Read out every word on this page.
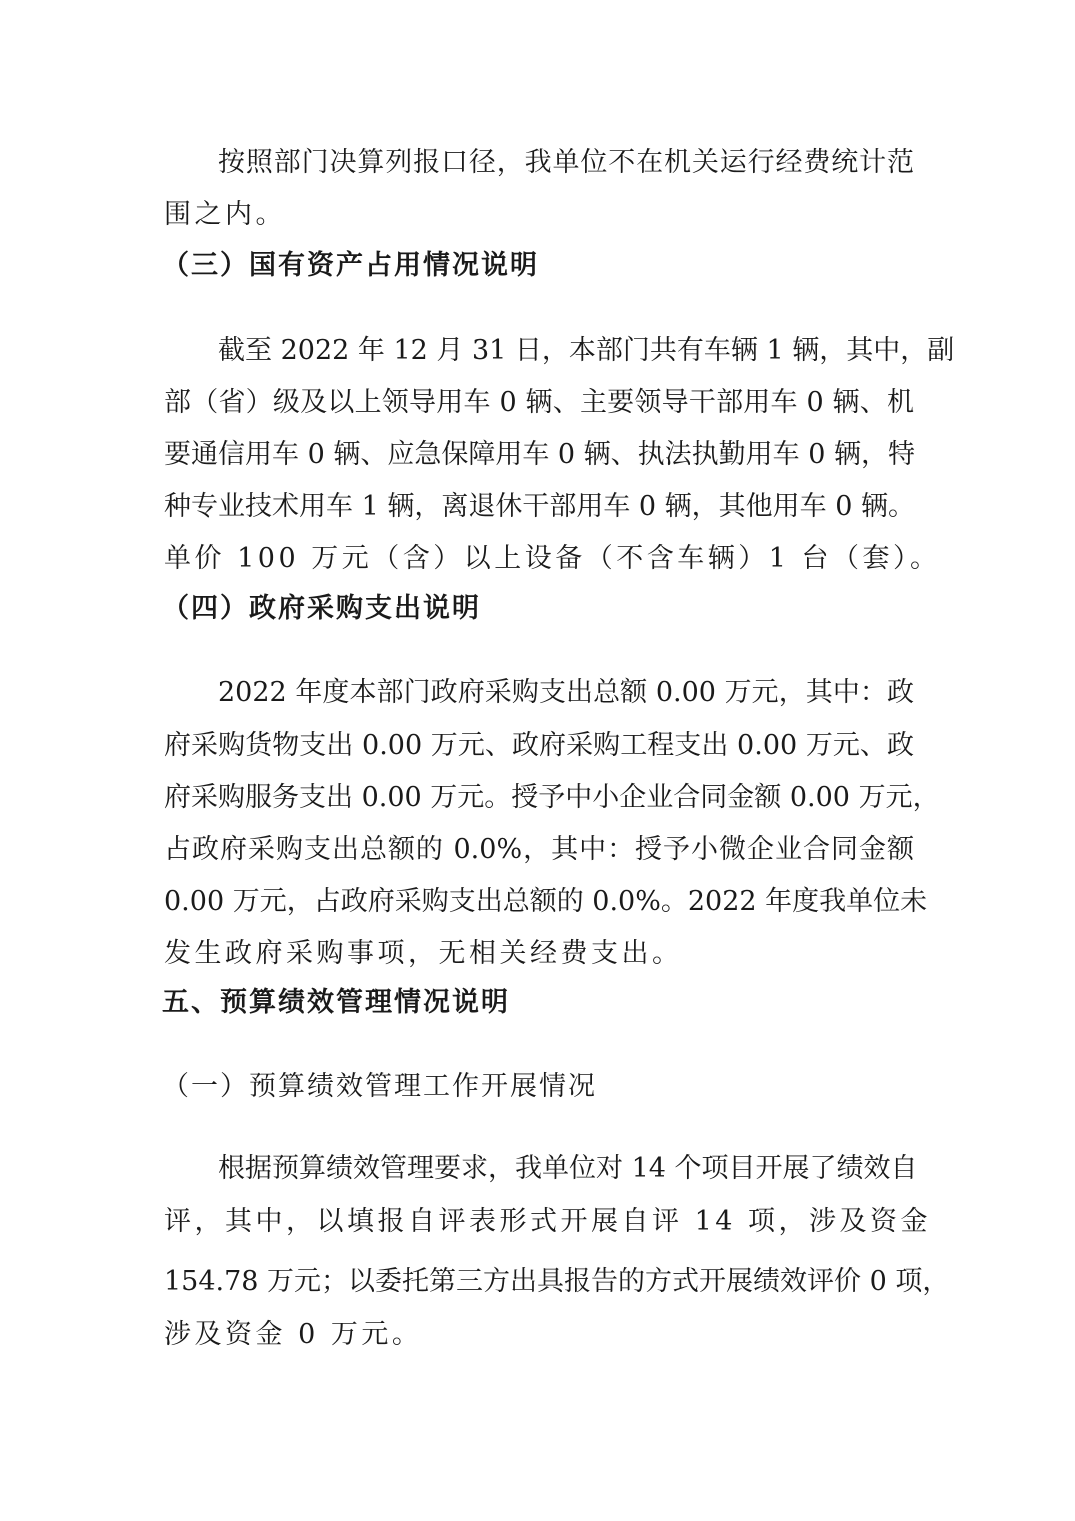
按照部门决算列报口径，我单位不在机关运行经费统计范
围之内。
（三）国有资产占用情况说明
截至 2022 年 12 月 31 日，本部门共有车辆 1 辆，其中，副
部（省）级及以上领导用车 0 辆、主要领导干部用车 0 辆、机
要通信用车 0 辆、应急保障用车 0 辆、执法执勤用车 0 辆，特
种专业技术用车 1 辆，离退休干部用车 0 辆，其他用车 0 辆。
单价 100 万元（含）以上设备（不含车辆）1 台（套）。
（四）政府采购支出说明
2022 年度本部门政府采购支出总额 0.00 万元，其中：政
府采购货物支出 0.00 万元、政府采购工程支出 0.00 万元、政
府采购服务支出 0.00 万元。授予中小企业合同金额 0.00 万元，
占政府采购支出总额的 0.0%，其中：授予小微企业合同金额
0.00 万元，占政府采购支出总额的 0.0%。2022 年度我单位未
发生政府采购事项，无相关经费支出。
五、预算绩效管理情况说明
（一）预算绩效管理工作开展情况
根据预算绩效管理要求，我单位对 14 个项目开展了绩效自
评，其中，以填报自评表形式开展自评 14 项，涉及资金
154.78 万元；以委托第三方出具报告的方式开展绩效评价 0 项，
涉及资金 0 万元。
